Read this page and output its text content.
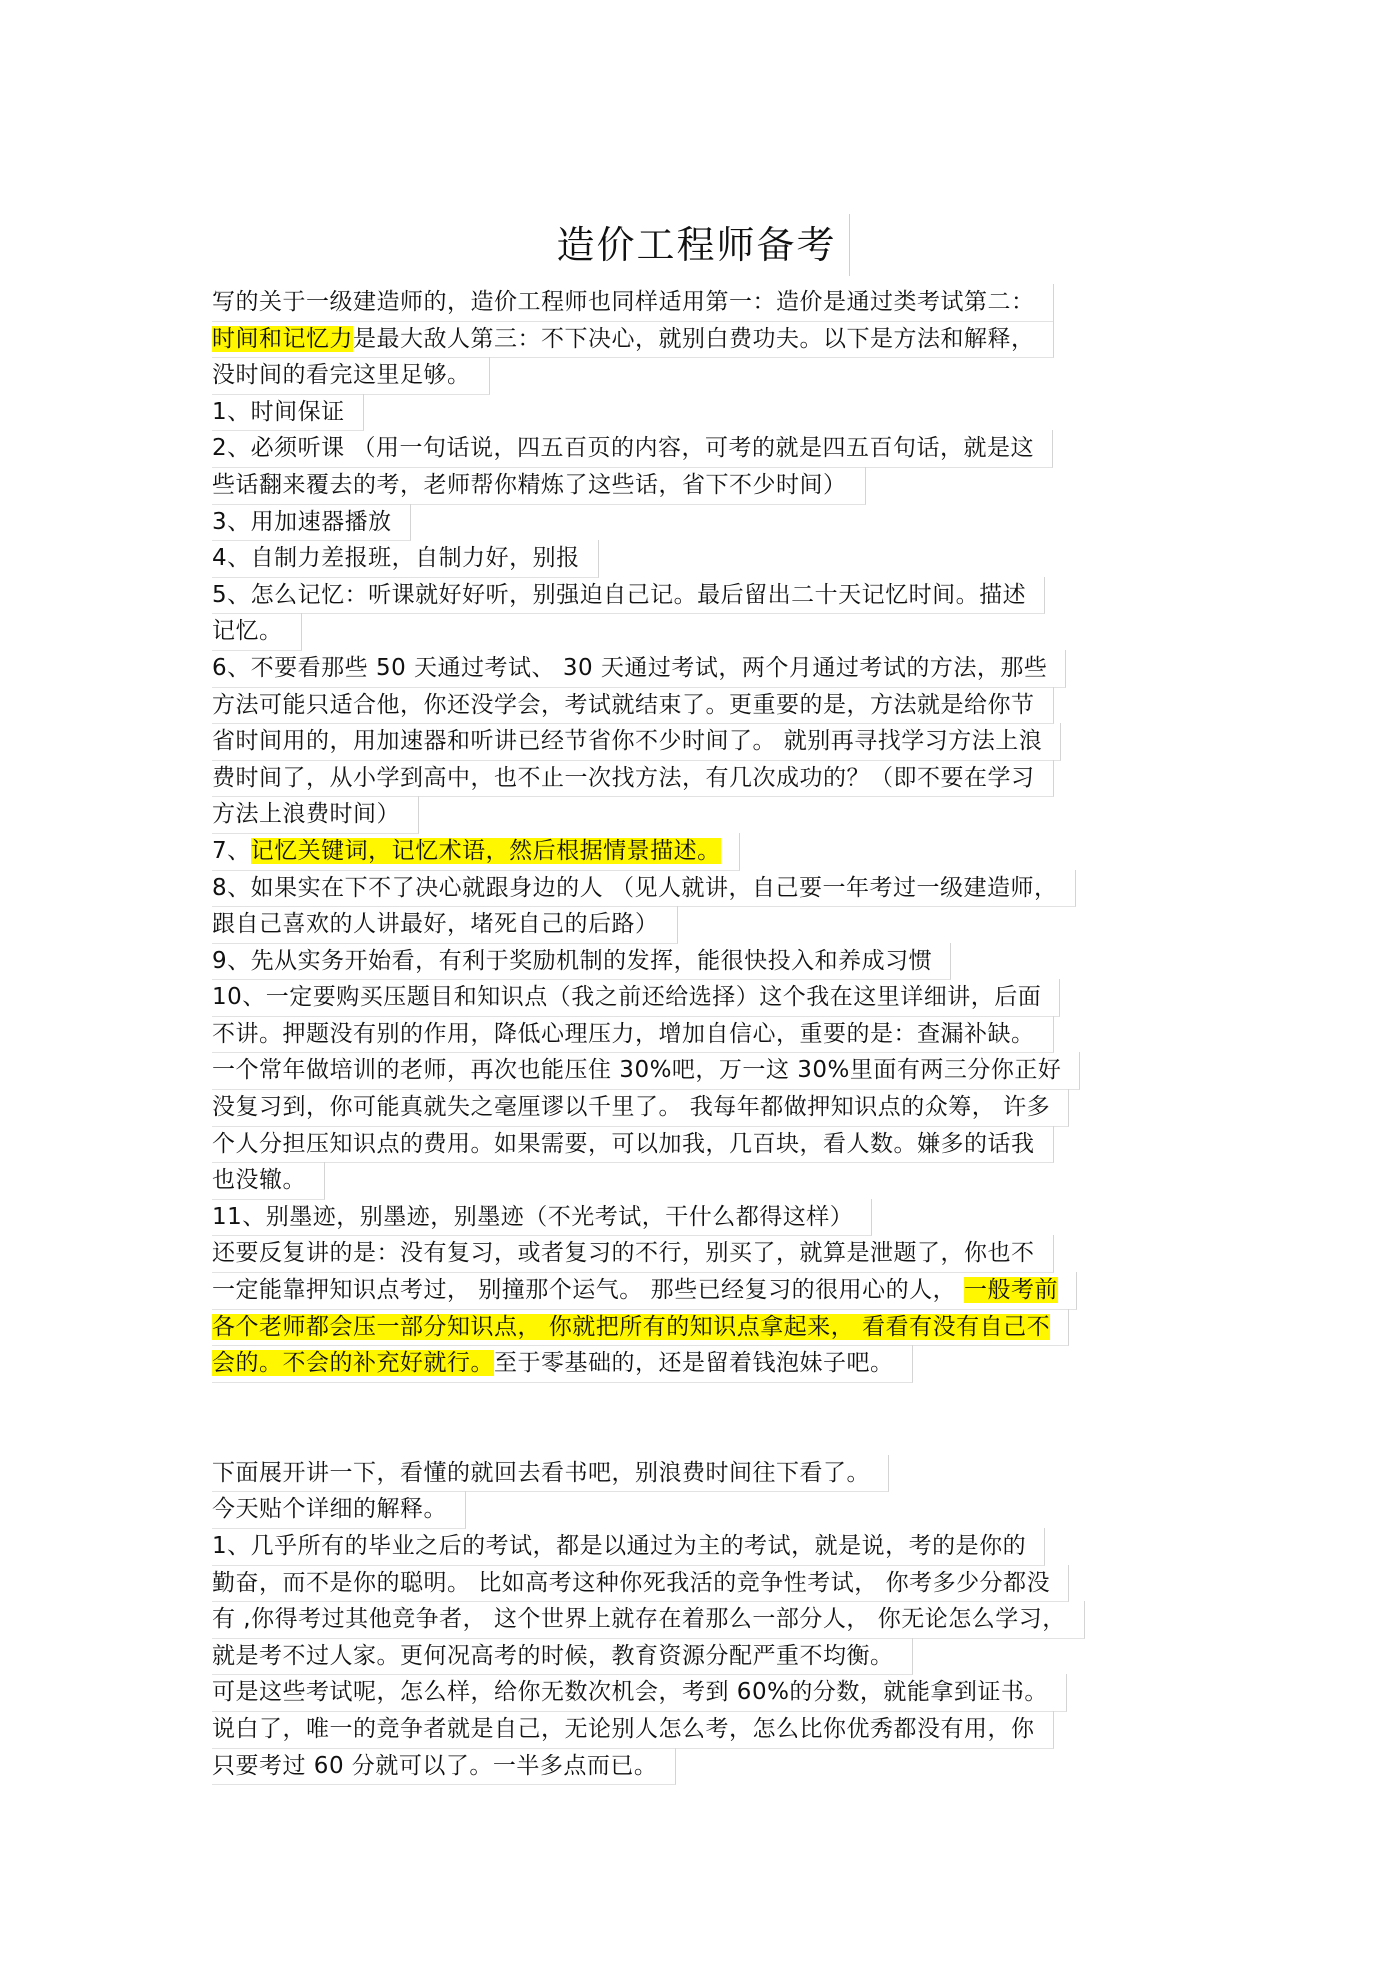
造价工程师备考
写的关于一级建造师的，造价工程师也同样适用第一：造价是通过类考试第二：
时间和记忆力是最大敌人第三：不下决心，就别白费功夫。以下是方法和解释，
没时间的看完这里足够。
1、时间保证
2、必须听课 （用一句话说，四五百页的内容，可考的就是四五百句话，就是这
些话翻来覆去的考，老师帮你精炼了这些话，省下不少时间）
3、用加速器播放
4、自制力差报班，自制力好，别报
5、怎么记忆：听课就好好听，别强迫自己记。最后留出二十天记忆时间。描述
记忆。
6、不要看那些 50 天通过考试、 30 天通过考试，两个月通过考试的方法，那些
方法可能只适合他，你还没学会，考试就结束了。更重要的是，方法就是给你节
省时间用的，用加速器和听讲已经节省你不少时间了。 就别再寻找学习方法上浪
费时间了，从小学到高中，也不止一次找方法，有几次成功的？（即不要在学习
方法上浪费时间）
7、记忆关键词，记忆术语，然后根据情景描述。
8、如果实在下不了决心就跟身边的人 （见人就讲，自己要一年考过一级建造师，
跟自己喜欢的人讲最好，堵死自己的后路）
9、先从实务开始看，有利于奖励机制的发挥，能很快投入和养成习惯
10、一定要购买压题目和知识点（我之前还给选择）这个我在这里详细讲，后面
不讲。押题没有别的作用，降低心理压力，增加自信心，重要的是：查漏补缺。
一个常年做培训的老师，再次也能压住 30%吧，万一这 30%里面有两三分你正好
没复习到，你可能真就失之毫厘谬以千里了。 我每年都做押知识点的众筹， 许多
个人分担压知识点的费用。如果需要，可以加我，几百块，看人数。嫌多的话我
也没辙。
11、别墨迹，别墨迹，别墨迹（不光考试，干什么都得这样）
还要反复讲的是：没有复习，或者复习的不行，别买了，就算是泄题了，你也不
一定能靠押知识点考过， 别撞那个运气。 那些已经复习的很用心的人， 一般考前
各个老师都会压一部分知识点， 你就把所有的知识点拿起来， 看看有没有自己不
会的。不会的补充好就行。至于零基础的，还是留着钱泡妹子吧。
下面展开讲一下，看懂的就回去看书吧，别浪费时间往下看了。
今天贴个详细的解释。
1、几乎所有的毕业之后的考试，都是以通过为主的考试，就是说，考的是你的
勤奋，而不是你的聪明。 比如高考这种你死我活的竞争性考试， 你考多少分都没
有 ,你得考过其他竞争者， 这个世界上就存在着那么一部分人， 你无论怎么学习，
就是考不过人家。更何况高考的时候，教育资源分配严重不均衡。
可是这些考试呢，怎么样，给你无数次机会，考到 60%的分数，就能拿到证书。
说白了，唯一的竞争者就是自己，无论别人怎么考，怎么比你优秀都没有用，你
只要考过 60 分就可以了。一半多点而已。
